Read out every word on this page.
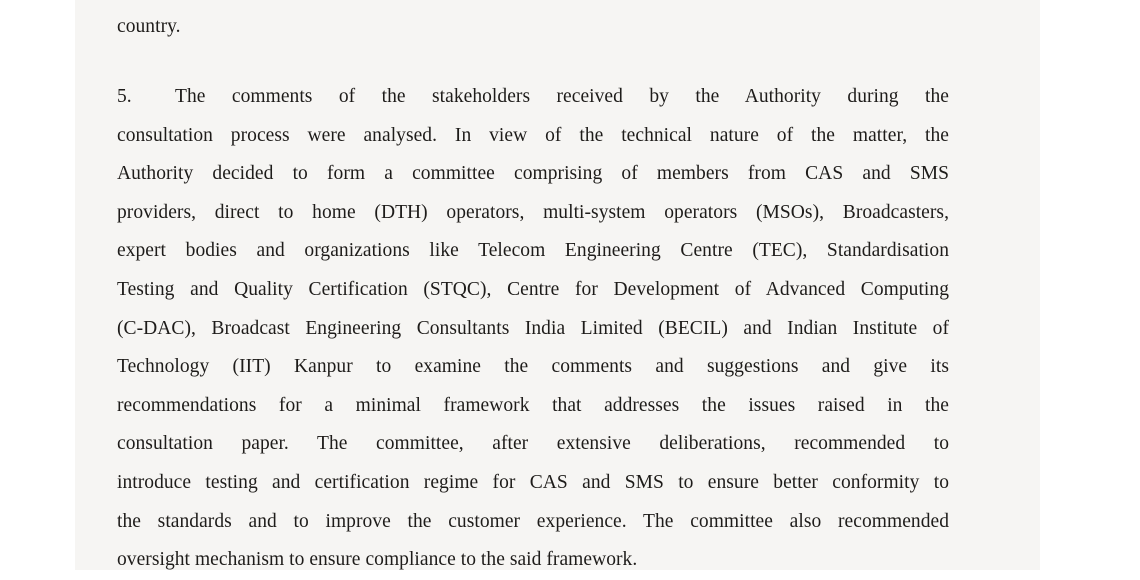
country.
5. The comments of the stakeholders received by the Authority during the
consultation process were analysed. In view of the technical nature of the matter, the
Authority decided to form a committee comprising of members from CAS and SMS
providers, direct to home (DTH) operators, multi-system operators (MSOs), Broadcasters,
expert bodies and organizations like Telecom Engineering Centre (TEC), Standardisation
Testing and Quality Certification (STQC), Centre for Development of Advanced Computing
(C-DAC), Broadcast Engineering Consultants India Limited (BECIL) and Indian Institute of
Technology (IIT) Kanpur to examine the comments and suggestions and give its
recommendations for a minimal framework that addresses the issues raised in the
consultation paper. The committee, after extensive deliberations, recommended to
introduce testing and certification regime for CAS and SMS to ensure better conformity to
the standards and to improve the customer experience. The committee also recommended
oversight mechanism to ensure compliance to the said framework.
